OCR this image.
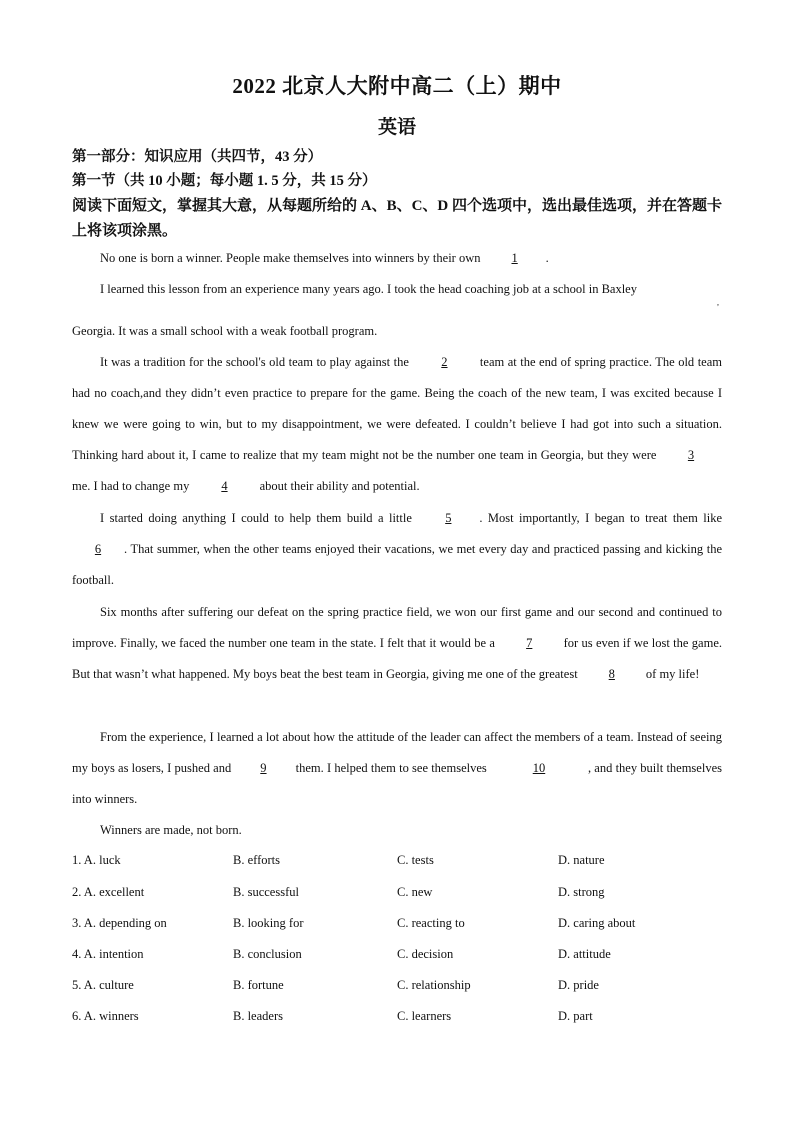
2022 北京人大附中高二（上）期中
英语
第一部分：知识应用（共四节，43 分）
第一节（共 10 小题；每小题 1. 5 分，共 15 分）
阅读下面短文，掌握其大意，从每题所给的 A、B、C、D 四个选项中，选出最佳选项，并在答题卡上将该项涂黑。
No one is born a winner. People make themselves into winners by their own 1 .
I learned this lesson from an experience many years ago. I took the head coaching job at a school in Baxley
,
Georgia. It was a small school with a weak football program.
It was a tradition for the school's old team to play against the 2 team at the end of spring practice. The old team had no coach,and they didn’t even practice to prepare for the game. Being the coach of the new team, I was excited because I knew we were going to win, but to my disappointment, we were defeated. I couldn’t believe I had got into such a situation. Thinking hard about it, I came to realize that my team might not be the number one team in Georgia, but they were 3 me. I had to change my 4 about their ability and potential.
I started doing anything I could to help them build a little 5 . Most importantly, I began to treat them like 6 . That summer, when the other teams enjoyed their vacations, we met every day and practiced passing and kicking the football.
Six months after suffering our defeat on the spring practice field, we won our first game and our second and continued to improve. Finally, we faced the number one team in the state. I felt that it would be a 7 for us even if we lost the game. But that wasn’t what happened. My boys beat the best team in Georgia, giving me one of the greatest 8 of my life!
From the experience, I learned a lot about how the attitude of the leader can affect the members of a team. Instead of seeing my boys as losers, I pushed and 9 them. I helped them to see themselves	10	, and they built themselves into winners.
Winners are made, not born.
1. A. luck	B. efforts	C. tests	D. nature
2. A. excellent	B. successful	C. new	D. strong
3. A. depending on	B. looking for	C. reacting to	D. caring about
4. A. intention	B. conclusion	C. decision	D. attitude
5. A. culture	B. fortune	C. relationship	D. pride
6. A. winners	B. leaders	C. learners	D. part
